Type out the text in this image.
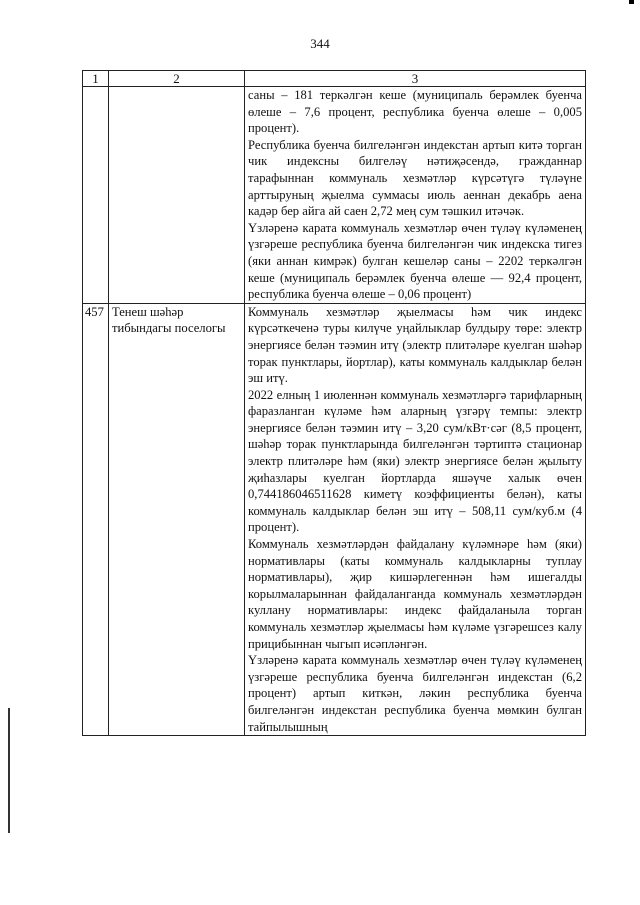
344
1	2	3

		саны – 181 теркәлгән кеше (муниципаль берәмлек буенча өлеше – 7,6 процент, республика буенча өлеше – 0,005 процент).

Республика буенча билгеләнгән индекстан артып китә торган чик индексны билгеләү нәтиҗәсендә, гражданнар тарафыннан коммуналь хезмәтләр күрсәтүгә түләүне арттыруның җыелма суммасы июль аеннан декабрь аена кадәр бер айга ай саен 2,72 мең сум тәшкил итәчәк.

Үзләренә карата коммуналь хезмәтләр өчен түләү күләменең үзгәреше республика буенча билгеләнгән чик индекска тигез (яки аннан кимрәк) булган кешеләр саны – 2202 теркәлгән кеше (муниципаль берәмлек буенча өлеше — 92,4 процент, республика буенча өлеше – 0,06 процент)

457	Тенеш шәһәр тибындагы поселогы	Коммуналь хезмәтләр җыелмасы һәм чик индекс күрсәткеченә туры килүче уңайлыклар булдыру төре: электр энергиясе белән тәэмин итү (электр плитәләре куелган шәһәр торак пунктлары, йортлар), каты коммуналь калдыклар белән эш итү.

2022 елның 1 июленнән коммуналь хезмәтләргә тарифларның фаразланган күләме һәм аларның үзгәрү темпы: электр энергиясе белән тәэмин итү – 3,20 сум/кВт·сәг (8,5 процент, шәһәр торак пунктларында билгеләнгән тәртиптә стационар электр плитәләре һәм (яки) электр энергиясе белән җылыту җиһазлары куелган йортларда яшәүче халык өчен 0,744186046511628 киметү коэффициенты белән), каты коммуналь калдыклар белән эш итү – 508,11 сум/куб.м (4 процент).

Коммуналь хезмәтләрдән файдалану күләмнәре һәм (яки) нормативлары (каты коммуналь калдыкларны туплау нормативлары), җир кишәрлегеннән һәм ишегалды корылмаларыннан файдаланганда коммуналь хезмәтләрдән куллану нормативлары: индекс файдаланыла торган коммуналь хезмәтләр җыелмасы һәм күләме үзгәрешсез калу прицибыннан чыгып исәпләнгән.

Үзләренә карата коммуналь хезмәтләр өчен түләү күләменең үзгәреше республика буенча билгеләнгән индекстан (6,2 процент) артып киткән, ләкин республика буенча билгеләнгән индекстан республика буенча мөмкин булган тайпылышның
